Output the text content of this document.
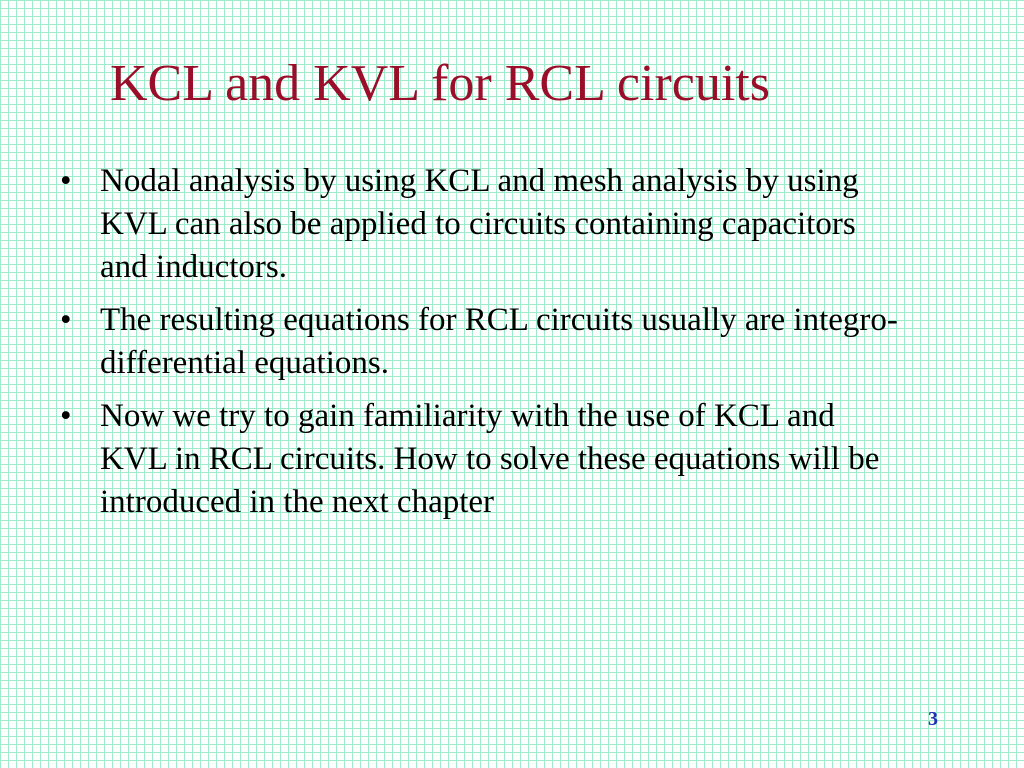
KCL and KVL for RCL circuits
• Nodal analysis by using KCL and mesh analysis by using KVL can also be applied to circuits containing capacitors and inductors.
• The resulting equations for RCL circuits usually are integro-differential equations.
• Now we try to gain familiarity with the use of KCL and KVL in RCL circuits. How to solve these equations will be introduced in the next chapter
3
